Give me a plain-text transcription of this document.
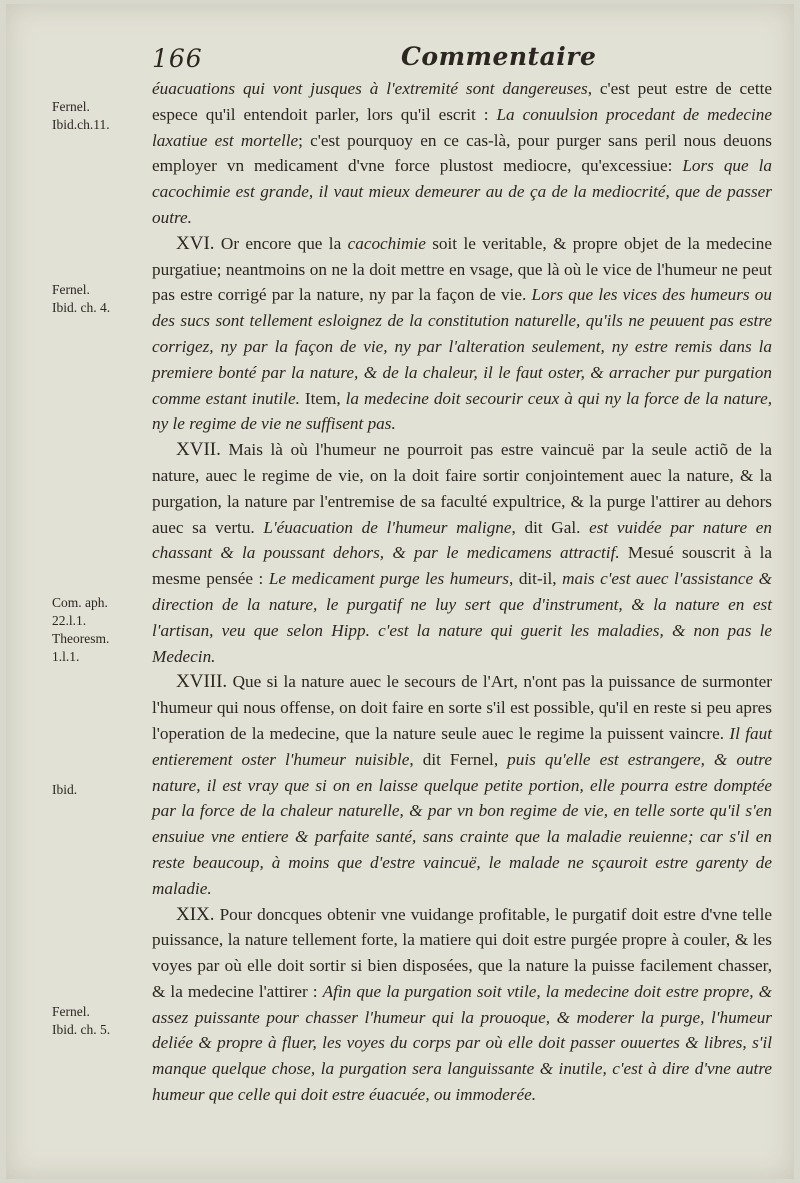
166	Commentaire
Fernel.
Ibid.ch.11.
Fernel.
Ibid. ch. 4.
Com. aph.
22.l.1.
Theoresm.
1.l.1.
Ibid.
Fernel.
Ibid. ch. 5.

éuacuations qui vont jusques à l'extremité sont dangereuses, c'est peut estre de cette espece qu'il entendoit parler, lors qu'il escrit : La conuulsion procedant de medecine laxatiue est mortelle; c'est pourquoy en ce cas-là, pour purger sans peril nous deuons employer vn medicament d'vne force plustost mediocre, qu'excessiue: Lors que la cacochimie est grande, il vaut mieux demeurer au de ça de la mediocrité, que de passer outre.

XVI. Or encore que la cacochimie soit le veritable, & propre objet de la medecine purgatiue; neantmoins on ne la doit mettre en vsage, que là où le vice de l'humeur ne peut pas estre corrigé par la nature, ny par la façon de vie. Lors que les vices des humeurs ou des sucs sont tellement esloignez de la constitution naturelle, qu'ils ne peuuent pas estre corrigez, ny par la façon de vie, ny par l'alteration seulement, ny estre remis dans la premiere bonté par la nature, & de la chaleur, il le faut oster, & arracher pur purgation comme estant inutile. Item, la medecine doit secourir ceux à qui ny la force de la nature, ny le regime de vie ne suffisent pas.

XVII. Mais là où l'humeur ne pourroit pas estre vaincuë par la seule actiõ de la nature, auec le regime de vie, on la doit faire sortir conjointement auec la nature, & la purgation, la nature par l'entremise de sa faculté expultrice, & la purge l'attirer au dehors auec sa vertu. L'éuacuation de l'humeur maligne, dit Gal. est vuidée par nature en chassant & la poussant dehors, & par le medicamens attractif. Mesué souscrit à la mesme pensée : Le medicament purge les humeurs, dit-il, mais c'est auec l'assistance & direction de la nature, le purgatif ne luy sert que d'instrument, & la nature en est l'artisan, veu que selon Hipp. c'est la nature qui guerit les maladies, & non pas le Medecin.

XVIII. Que si la nature auec le secours de l'Art, n'ont pas la puissance de surmonter l'humeur qui nous offense, on doit faire en sorte s'il est possible, qu'il en reste si peu apres l'operation de la medecine, que la nature seule auec le regime la puissent vaincre. Il faut entierement oster l'humeur nuisible, dit Fernel, puis qu'elle est estrangere, & outre nature, il est vray que si on en laisse quelque petite portion, elle pourra estre domptée par la force de la chaleur naturelle, & par vn bon regime de vie, en telle sorte qu'il s'en ensuiue vne entiere & parfaite santé, sans crainte que la maladie reuienne; car s'il en reste beaucoup, à moins que d'estre vaincuë, le malade ne sçauroit estre garenty de maladie.

XIX. Pour doncques obtenir vne vuidange profitable, le purgatif doit estre d'vne telle puissance, la nature tellement forte, la matiere qui doit estre purgée propre à couler, & les voyes par où elle doit sortir si bien disposées, que la nature la puisse facilement chasser, & la medecine l'attirer : Afin que la purgation soit vtile, la medecine doit estre propre, & assez puissante pour chasser l'humeur qui la prouoque, & moderer la purge, l'humeur deliée & propre à fluer, les voyes du corps par où elle doit passer ouuertes & libres, s'il manque quelque chose, la purgation sera languissante & inutile, c'est à dire d'vne autre humeur que celle qui doit estre éuacuée, ou immoderée.
